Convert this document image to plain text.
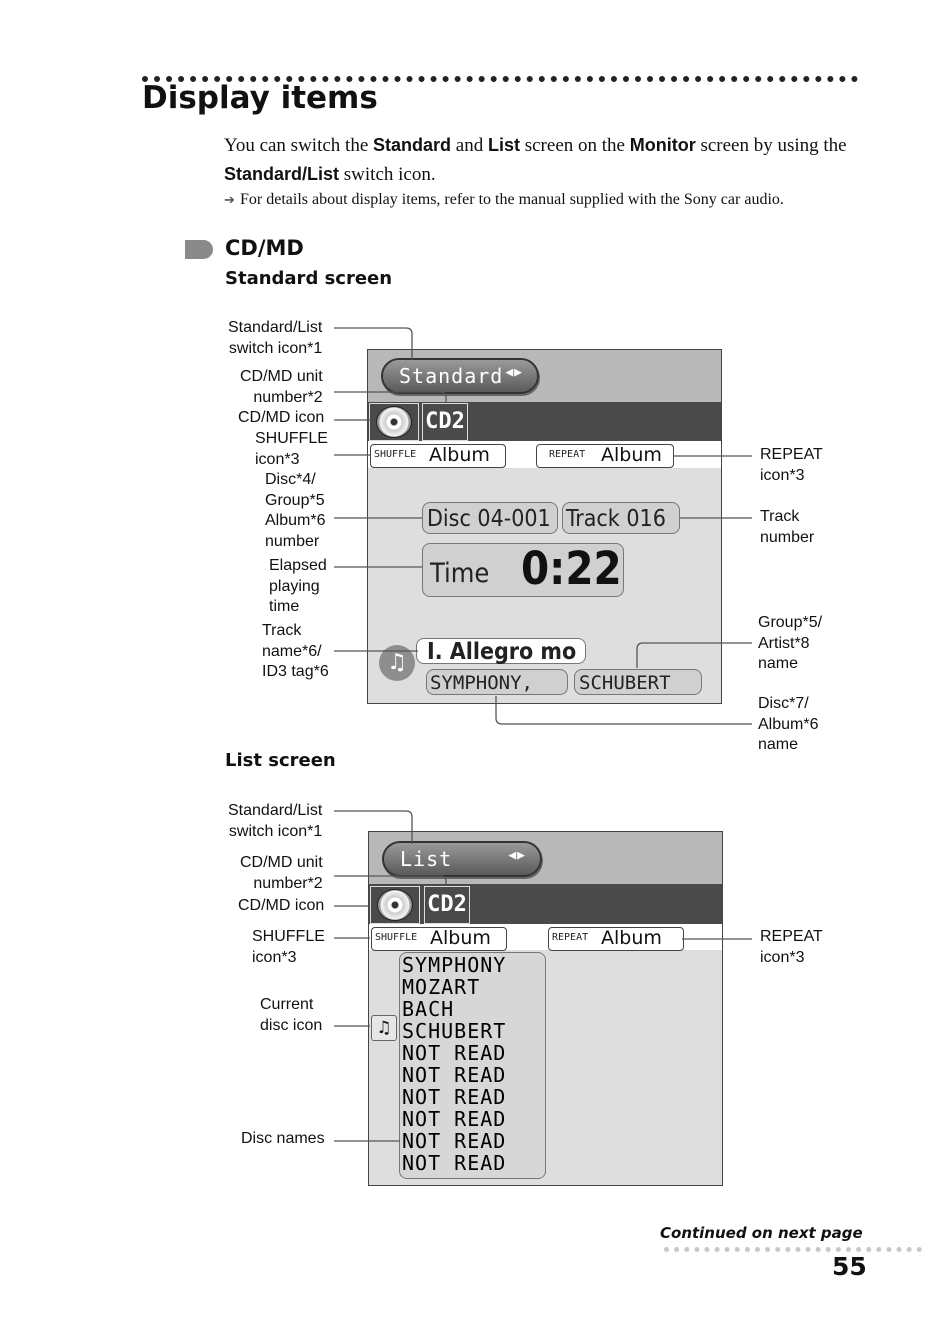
Display items
You can switch the Standard and List screen on the Monitor screen by using the Standard/List switch icon.
➔ For details about display items, refer to the manual supplied with the Sony car audio.
CD/MD
Standard screen
Standard/List
switch icon*1
CD/MD unit
number*2
CD/MD icon
SHUFFLE
icon*3
Disc*4/
Group*5
Album*6
number
Elapsed
playing
time
Track
name*6/
ID3 tag*6
REPEAT
icon*3
Track
number
Group*5/
Artist*8
name
Disc*7/
Album*6
name
Standard ◀▶
CD2
SHUFFLE Album	REPEAT Album
Disc 04-001 Track 016
Time 0:22
♫ I. Allegro mo
SYMPHONY,	SCHUBERT
List screen
Standard/List
switch icon*1
CD/MD unit
number*2
CD/MD icon
SHUFFLE
icon*3
Current
disc icon
Disc names
REPEAT
icon*3
List	◀▶
CD2
SHUFFLE Album	REPEAT Album
♫
SYMPHONY
MOZART
BACH
SCHUBERT
NOT READ
NOT READ
NOT READ
NOT READ
NOT READ
NOT READ
Continued on next page
55
